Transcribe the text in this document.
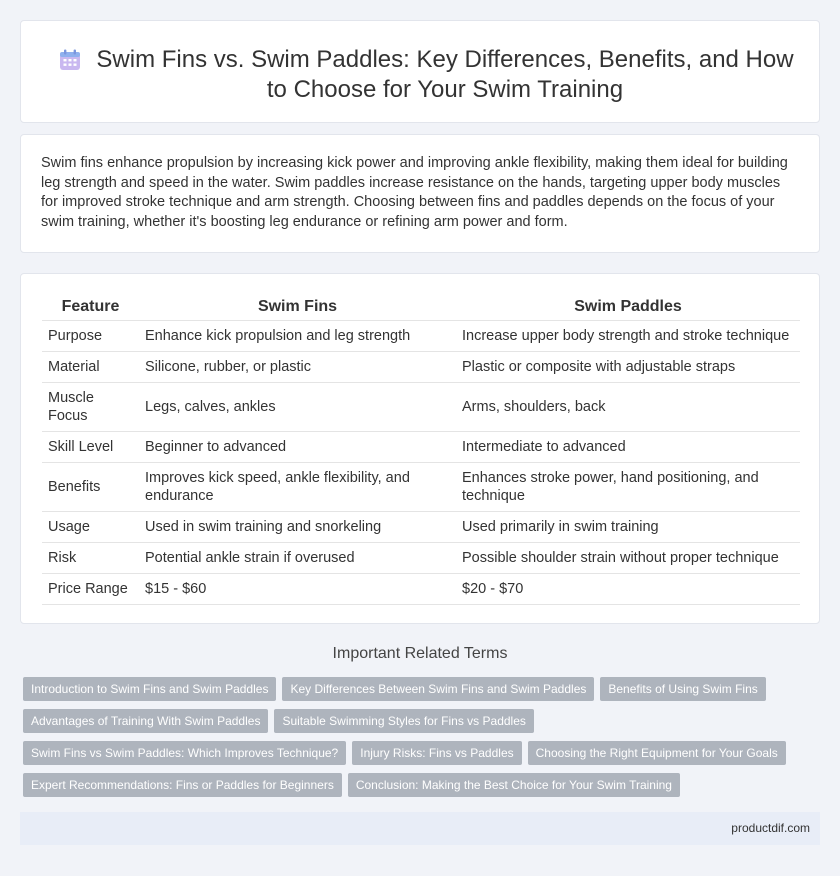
Swim Fins vs. Swim Paddles: Key Differences, Benefits, and How to Choose for Your Swim Training

Swim fins enhance propulsion by increasing kick power and improving ankle flexibility, making them ideal for building leg strength and speed in the water. Swim paddles increase resistance on the hands, targeting upper body muscles for improved stroke technique and arm strength. Choosing between fins and paddles depends on the focus of your swim training, whether it's boosting leg endurance or refining arm power and form.

Feature	Swim Fins	Swim Paddles
Purpose	Enhance kick propulsion and leg strength	Increase upper body strength and stroke technique
Material	Silicone, rubber, or plastic	Plastic or composite with adjustable straps
Muscle Focus	Legs, calves, ankles	Arms, shoulders, back
Skill Level	Beginner to advanced	Intermediate to advanced
Benefits	Improves kick speed, ankle flexibility, and endurance	Enhances stroke power, hand positioning, and technique
Usage	Used in swim training and snorkeling	Used primarily in swim training
Risk	Potential ankle strain if overused	Possible shoulder strain without proper technique
Price Range	$15 - $60	$20 - $70
Important Related Terms
Introduction to Swim Fins and Swim Paddles Key Differences Between Swim Fins and Swim Paddles Benefits of Using Swim Fins
Advantages of Training With Swim Paddles Suitable Swimming Styles for Fins vs Paddles
Swim Fins vs Swim Paddles: Which Improves Technique? Injury Risks: Fins vs Paddles Choosing the Right Equipment for Your Goals
Expert Recommendations: Fins or Paddles for Beginners Conclusion: Making the Best Choice for Your Swim Training
productdif.com
